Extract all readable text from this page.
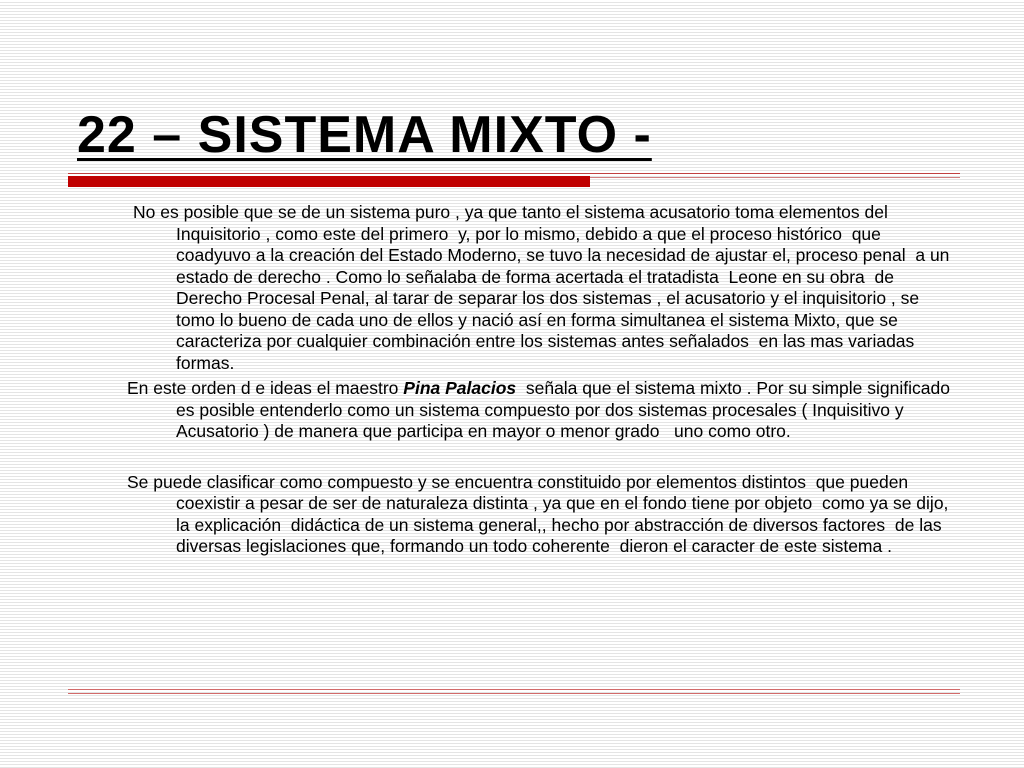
22 – SISTEMA MIXTO -

No es posible que se de un sistema puro , ya que tanto el sistema acusatorio toma elementos del Inquisitorio , como este del primero  y, por lo mismo, debido a que el proceso histórico  que coadyuvo a la creación del Estado Moderno, se tuvo la necesidad de ajustar el, proceso penal  a un estado de derecho . Como lo señalaba de forma acertada el tratadista  Leone en su obra  de Derecho Procesal Penal, al tarar de separar los dos sistemas , el acusatorio y el inquisitorio , se tomo lo bueno de cada uno de ellos y nació así en forma simultanea el sistema Mixto, que se caracteriza por cualquier combinación entre los sistemas antes señalados  en las mas variadas formas.

En este orden d e ideas el maestro Pina Palacios  señala que el sistema mixto . Por su simple significado es posible entenderlo como un sistema compuesto por dos sistemas procesales ( Inquisitivo y Acusatorio ) de manera que participa en mayor o menor grado   uno como otro.

Se puede clasificar como compuesto y se encuentra constituido por elementos distintos  que pueden coexistir a pesar de ser de naturaleza distinta , ya que en el fondo tiene por objeto  como ya se dijo, la explicación  didáctica de un sistema general,, hecho por abstracción de diversos factores  de las diversas legislaciones que, formando un todo coherente  dieron el caracter de este sistema .
